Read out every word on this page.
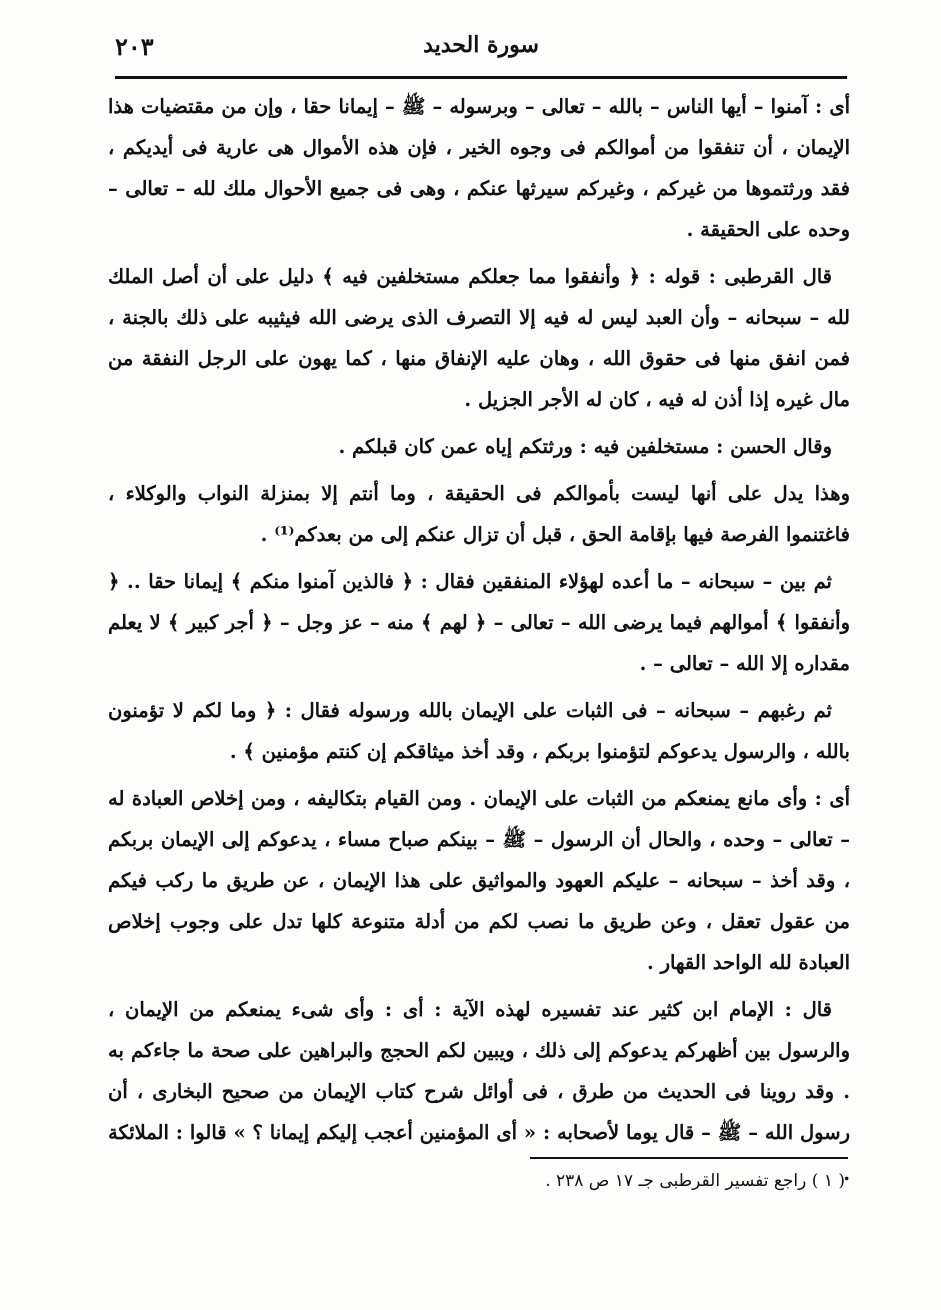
٢٠٣	سورة الحديد

أى : آمنوا – أيها الناس – بالله – تعالى – وبرسوله – ﷺ – إيمانا حقا ، وإن من مقتضيات هذا الإيمان ، أن تنفقوا من أموالكم فى وجوه الخير ، فإن هذه الأموال هى عارية فى أيديكم ، فقد ورثتموها من غيركم ، وغيركم سيرثها عنكم ، وهى فى جميع الأحوال ملك لله – تعالى – وحده على الحقيقة .

قال القرطبى : قوله : ﴿ وأنفقوا مما جعلكم مستخلفين فيه ﴾ دليل على أن أصل الملك لله – سبحانه – وأن العبد ليس له فيه إلا التصرف الذى يرضى الله فيثيبه على ذلك بالجنة ، فمن انفق منها فى حقوق الله ، وهان عليه الإنفاق منها ، كما يهون على الرجل النفقة من مال غيره إذا أذن له فيه ، كان له الأجر الجزيل .

وقال الحسن : مستخلفين فيه : ورثتكم إياه عمن كان قبلكم .

وهذا يدل على أنها ليست بأموالكم فى الحقيقة ، وما أنتم إلا بمنزلة النواب والوكلاء ، فاغتنموا الفرصة فيها بإقامة الحق ، قبل أن تزال عنكم إلى من بعدكم⁽¹⁾ .

ثم بين – سبحانه – ما أعده لهؤلاء المنفقين فقال : ﴿ فالذين آمنوا منكم ﴾ إيمانا حقا .. ﴿ وأنفقوا ﴾ أموالهم فيما يرضى الله – تعالى – ﴿ لهم ﴾ منه – عز وجل – ﴿ أجر كبير ﴾ لا يعلم مقداره إلا الله – تعالى – .

ثم رغبهم – سبحانه – فى الثبات على الإيمان بالله ورسوله فقال : ﴿ وما لكم لا تؤمنون بالله ، والرسول يدعوكم لتؤمنوا بربكم ، وقد أخذ ميثاقكم إن كنتم مؤمنين ﴾ .

أى : وأى مانع يمنعكم من الثبات على الإيمان . ومن القيام بتكاليفه ، ومن إخلاص العبادة له – تعالى – وحده ، والحال أن الرسول – ﷺ – بينكم صباح مساء ، يدعوكم إلى الإيمان بربكم ، وقد أخذ – سبحانه – عليكم العهود والمواثيق على هذا الإيمان ، عن طريق ما ركب فيكم من عقول تعقل ، وعن طريق ما نصب لكم من أدلة متنوعة كلها تدل على وجوب إخلاص العبادة لله الواحد القهار .

قال : الإمام ابن كثير عند تفسيره لهذه الآية : أى : وأى شىء يمنعكم من الإيمان ، والرسول بين أظهركم يدعوكم إلى ذلك ، ويبين لكم الحجج والبراهين على صحة ما جاءكم به . وقد روينا فى الحديث من طرق ، فى أوائل شرح كتاب الإيمان من صحيح البخارى ، أن رسول الله – ﷺ – قال يوما لأصحابه : « أى المؤمنين أعجب إليكم إيمانا ؟ » قالوا : الملائكة .

( ١ ) راجع تفسير القرطبى جـ ١٧ ص ٢٣٨ .
